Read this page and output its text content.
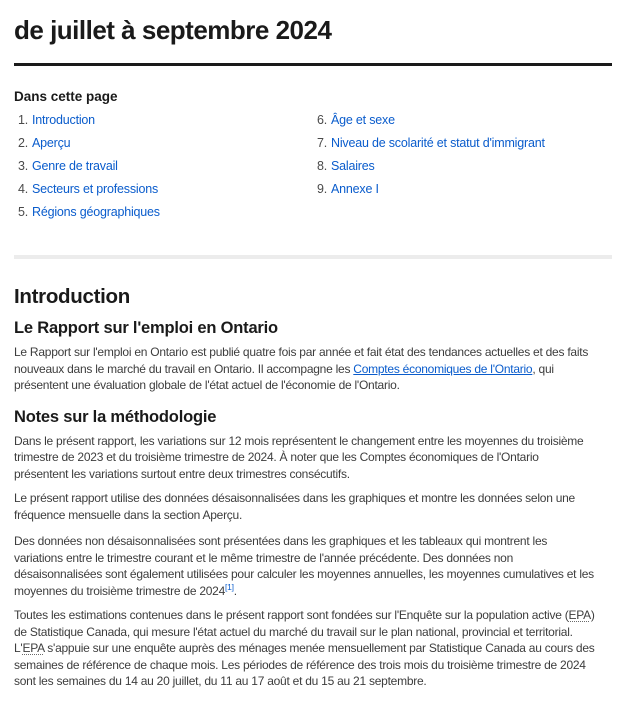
de juillet à septembre 2024
Dans cette page
1. Introduction
2. Aperçu
3. Genre de travail
4. Secteurs et professions
5. Régions géographiques
6. Âge et sexe
7. Niveau de scolarité et statut d'immigrant
8. Salaires
9. Annexe I
Introduction
Le Rapport sur l'emploi en Ontario

Le Rapport sur l'emploi en Ontario est publié quatre fois par année et fait état des tendances actuelles et des faits nouveaux dans le marché du travail en Ontario. Il accompagne les Comptes économiques de l'Ontario, qui présentent une évaluation globale de l'état actuel de l'économie de l'Ontario.

Notes sur la méthodologie

Dans le présent rapport, les variations sur 12 mois représentent le changement entre les moyennes du troisième trimestre de 2023 et du troisième trimestre de 2024. À noter que les Comptes économiques de l'Ontario présentent les variations surtout entre deux trimestres consécutifs.

Le présent rapport utilise des données désaisonnalisées dans les graphiques et montre les données selon une fréquence mensuelle dans la section Aperçu.

Des données non désaisonnalisées sont présentées dans les graphiques et les tableaux qui montrent les variations entre le trimestre courant et le même trimestre de l'année précédente. Des données non désaisonnalisées sont également utilisées pour calculer les moyennes annuelles, les moyennes cumulatives et les moyennes du troisième trimestre de 2024[1].

Toutes les estimations contenues dans le présent rapport sont fondées sur l'Enquête sur la population active (EPA) de Statistique Canada, qui mesure l'état actuel du marché du travail sur le plan national, provincial et territorial. L'EPA s'appuie sur une enquête auprès des ménages menée mensuellement par Statistique Canada au cours des semaines de référence de chaque mois. Les périodes de référence des trois mois du troisième trimestre de 2024 sont les semaines du 14 au 20 juillet, du 11 au 17 août et du 15 au 21 septembre.
